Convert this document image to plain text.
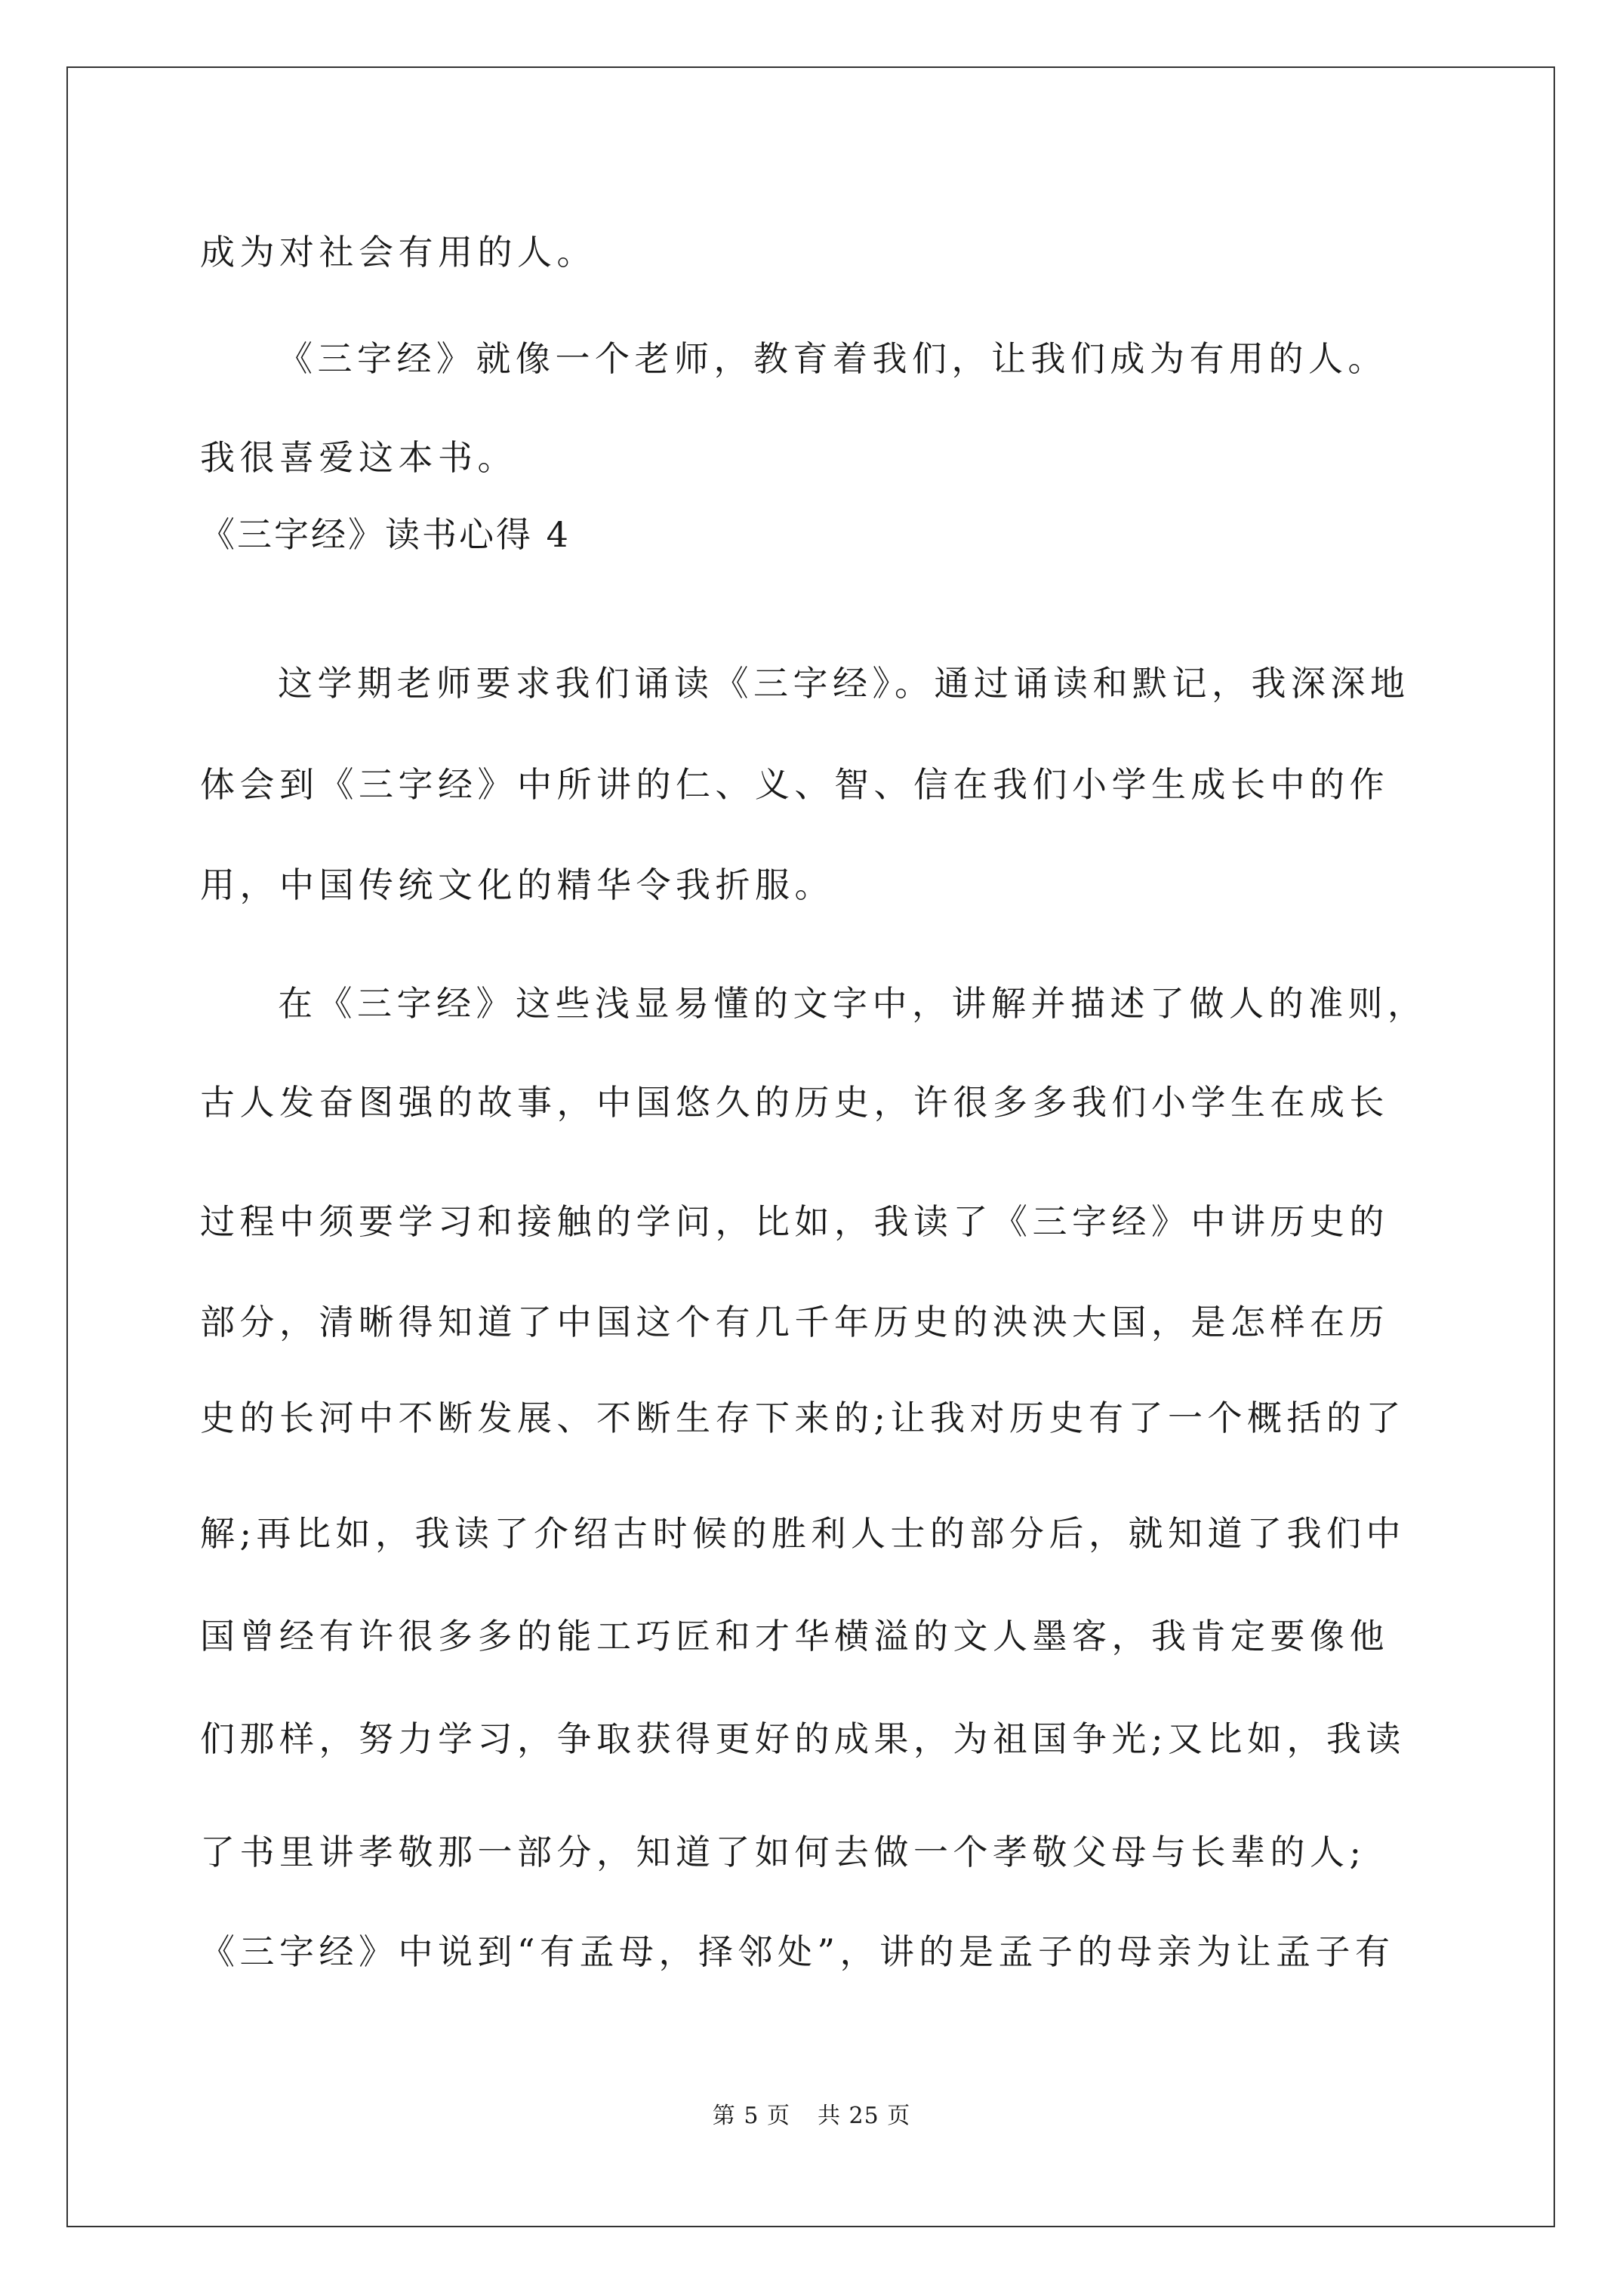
成为对社会有用的人。
《三字经》就像一个老师，教育着我们，让我们成为有用的人。
我很喜爱这本书。
《三字经》读书心得 4
这学期老师要求我们诵读《三字经》。通过诵读和默记，我深深地
体会到《三字经》中所讲的仁、义、智、信在我们小学生成长中的作
用，中国传统文化的精华令我折服。
在《三字经》这些浅显易懂的文字中，讲解并描述了做人的准则，
古人发奋图强的故事，中国悠久的历史，许很多多我们小学生在成长
过程中须要学习和接触的学问，比如，我读了《三字经》中讲历史的
部分，清晰得知道了中国这个有几千年历史的泱泱大国，是怎样在历
史的长河中不断发展、不断生存下来的;让我对历史有了一个概括的了
解;再比如，我读了介绍古时候的胜利人士的部分后，就知道了我们中
国曾经有许很多多的能工巧匠和才华横溢的文人墨客，我肯定要像他
们那样，努力学习，争取获得更好的成果，为祖国争光;又比如，我读
了书里讲孝敬那一部分，知道了如何去做一个孝敬父母与长辈的人;
《三字经》中说到“有孟母，择邻处”，讲的是孟子的母亲为让孟子有
第 5 页 共 25 页
